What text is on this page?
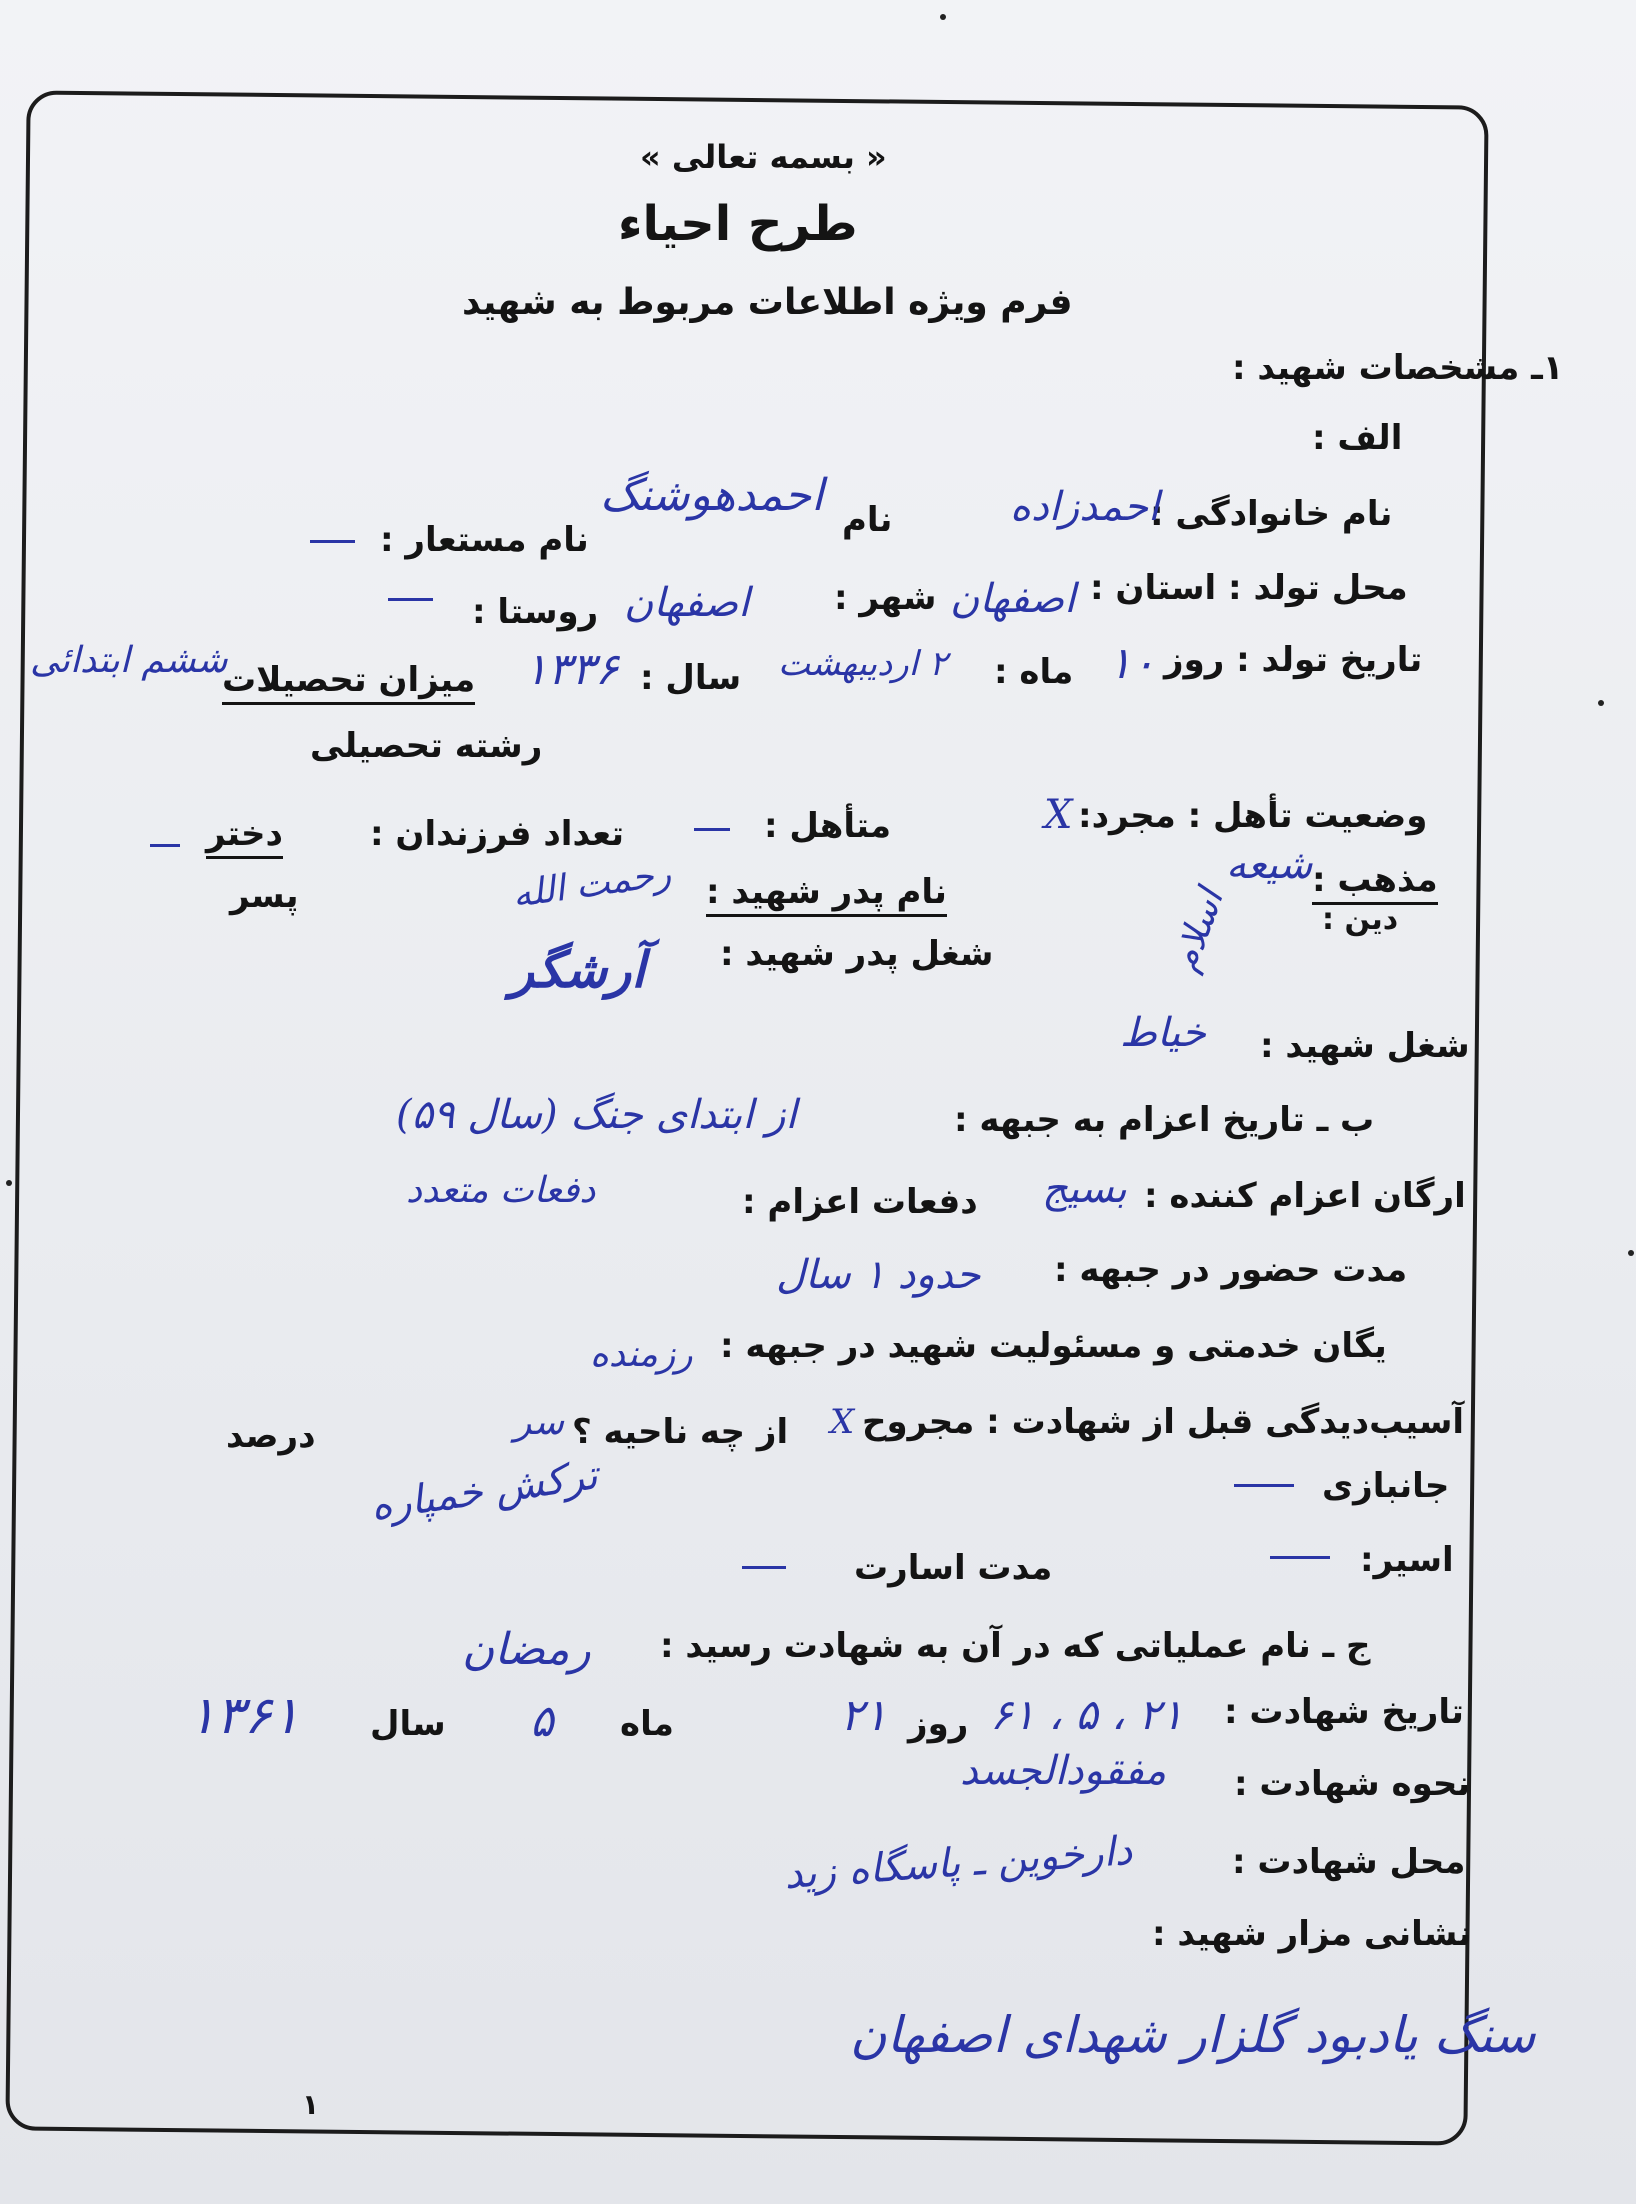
« بسمه تعالی »
طرح احیاء
فرم ویژه اطلاعات مربوط به شهید
۱ـ مشخصات شهید :
الف :
نام خانوادگی :
احمدزاده
نام
احمدهوشنگ
نام مستعار :
محل تولد : استان :
اصفهان
شهر :
اصفهان
روستا :
تاریخ تولد : روز
۱۰
ماه :
۲ اردیبهشت
سال :
۱۳۳۶
میزان تحصیلات
ششم ابتدائی
رشته تحصیلی
وضعیت تأهل : مجرد:
X
متأهل :
تعداد فرزندان :
دختر
پسر	مذهب :
شیعه
دین :
اسلام
نام پدر شهید :
رحمت الله
شغل پدر شهید :
آرشگر
شغل شهید :
خیاط
ب ـ تاریخ اعزام به جبهه :
از ابتدای جنگ (سال ۵۹)
ارگان اعزام کننده :
بسیج
دفعات اعزام :
دفعات متعدد
مدت حضور در جبهه :
حدود ۱ سال
یگان خدمتی و مسئولیت شهید در جبهه :
رزمنده
آسیب‌دیدگی قبل از شهادت : مجروح
X
از چه ناحیه ؟
سر
درصد
جانبازی
ترکش خمپاره
اسیر:
مدت اسارت
ج ـ نام عملیاتی که در آن به شهادت رسید :
رمضان
تاریخ شهادت :
۲۱ ، ۵ ، ۶۱
روز
۲۱
ماه
۵
سال
۱۳۶۱
نحوه شهادت :
مفقودالجسد
محل شهادت :
دارخوین ـ پاسگاه زید
نشانی مزار شهید :
سنگ یادبود گلزار شهدای اصفهان
۱
